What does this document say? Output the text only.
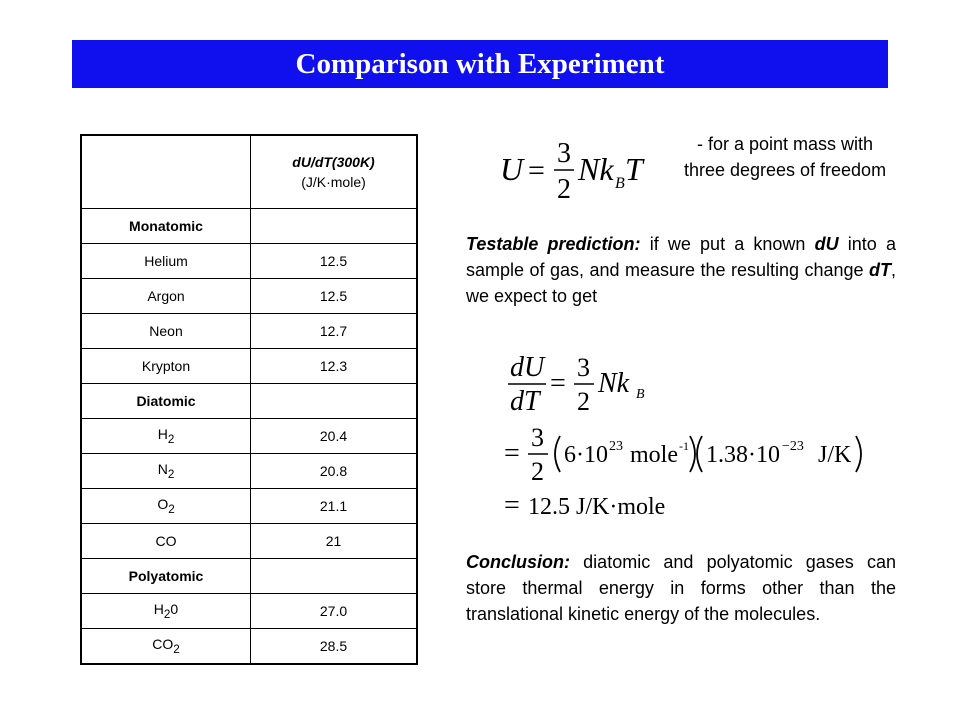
Comparison with Experiment

	dU/dT(300K)
(J/K·mole)

Monatomic	
Helium	12.5
Argon	12.5
Neon	12.7
Krypton	12.3
Diatomic	
$H_2$	20.4
$N_2$	20.8
$O_2$	21.1
CO	21
Polyatomic	
$H_20$	27.0
$CO_2$	28.5
U =
3
2
Nk T
B
- for a point mass with three degrees of freedom
Testable prediction: if we put a known dU into a sample of gas, and measure the resulting change dT, we expect to get
dU
dT
=
3
2
Nk B
=
3
2
6·10 23 mole -1 1.38·10 −23 J/K
= 12.5 J/K·mole
Conclusion: diatomic and polyatomic gases can store thermal energy in forms other than the translational kinetic energy of the molecules.
